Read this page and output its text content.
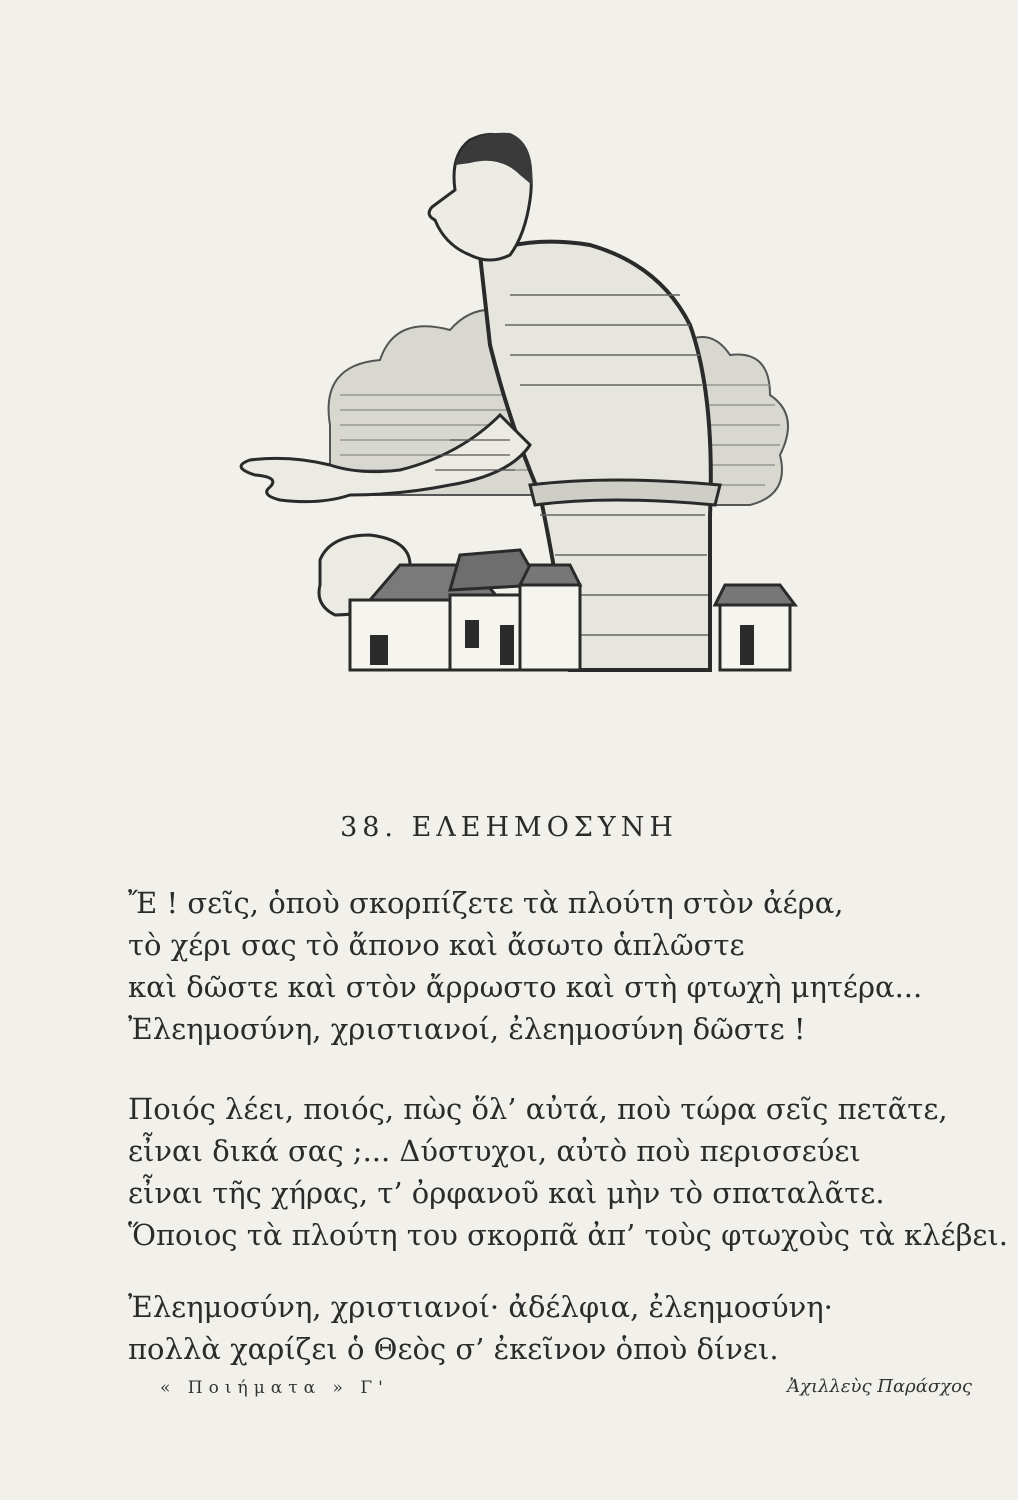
38. ΕΛΕΗΜΟΣΥΝΗ
Ἔ ! σεῖς, ὁποὺ σκορπίζετε τὰ πλούτη στὸν ἀέρα,
τὸ χέρι σας τὸ ἄπονο καὶ ἄσωτο ἁπλῶστε
καὶ δῶστε καὶ στὸν ἄρρωστο καὶ στὴ φτωχὴ μητέρα...
Ἐλεημοσύνη, χριστιανοί, ἐλεημοσύνη δῶστε !
Ποιός λέει, ποιός, πὼς ὅλ’ αὐτά, ποὺ τώρα σεῖς πετᾶτε,
εἶναι δικά σας ;... Δύστυχοι, αὐτὸ ποὺ περισσεύει
εἶναι τῆς χήρας, τ’ ὀρφανοῦ καὶ μὴν τὸ σπαταλᾶτε.
Ὅποιος τὰ πλούτη του σκορπᾶ ἀπ’ τοὺς φτωχοὺς τὰ κλέβει.
Ἐλεημοσύνη, χριστιανοί· ἀδέλφια, ἐλεημοσύνη·
πολλὰ χαρίζει ὁ Θεὸς σ’ ἐκεῖνον ὁποὺ δίνει.
« Ποιήματα » Γ'	Ἀχιλλεὺς Παράσχος
